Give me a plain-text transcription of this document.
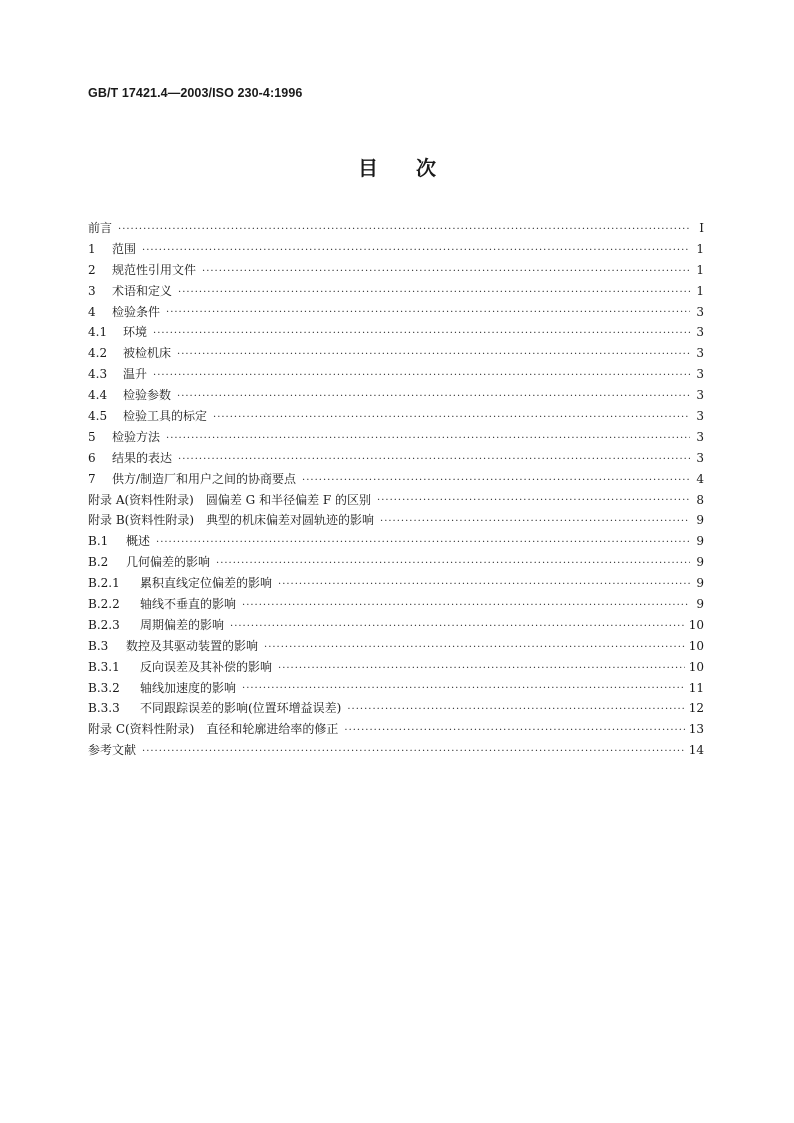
GB/T 17421.4—2003/ISO 230-4:1996
目 次
前言 ·····	I
1	范围 ·····	1
2	规范性引用文件 ·····	1
3	术语和定义 ·····	1
4	检验条件 ·····	3
4.1	环境 ·····	3
4.2	被检机床 ·····	3
4.3	温升 ·····	3
4.4	检验参数 ·····	3
4.5	检验工具的标定 ·····	3
5	检验方法 ·····	3
6	结果的表达 ·····	3
7	供方/制造厂和用户之间的协商要点 ·····	4
附录 A(资料性附录) 圆偏差 G 和半径偏差 F 的区别 ·····	8
附录 B(资料性附录) 典型的机床偏差对圆轨迹的影响 ·····	9
B.1	概述 ·····	9
B.2	几何偏差的影响 ·····	9
B.2.1	累积直线定位偏差的影响 ·····	9
B.2.2	轴线不垂直的影响 ·····	9
B.2.3	周期偏差的影响 ·····	10
B.3	数控及其驱动装置的影响 ·····	10
B.3.1	反向误差及其补偿的影响 ·····	10
B.3.2	轴线加速度的影响 ·····	11
B.3.3	不同跟踪误差的影响(位置环增益误差) ·····	12
附录 C(资料性附录) 直径和轮廓进给率的修正 ·····	13
参考文献 ·····	14
